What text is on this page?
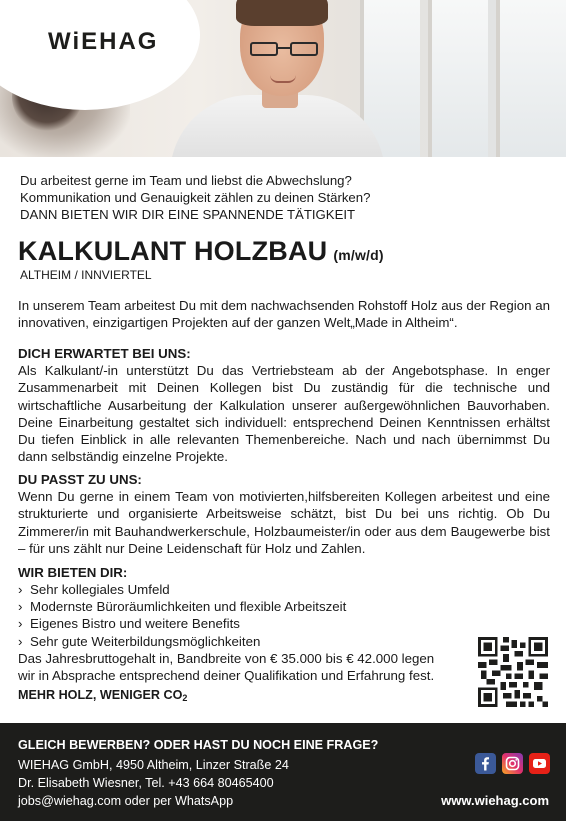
WiEHAG
Du arbeitest gerne im Team und liebst die Abwechslung?
Kommunikation und Genauigkeit zählen zu deinen Stärken?
DANN BIETEN WIR DIR EINE SPANNENDE TÄTIGKEIT
KALKULANT HOLZBAU (m/w/d)
ALTHEIM / INNVIERTEL

In unserem Team arbeitest Du mit dem nachwachsenden Rohstoff Holz aus der Region an innovativen, einzigartigen Projekten auf der ganzen Welt„Made in Altheim“.

DICH ERWARTET BEI UNS:

Als Kalkulant/-in unterstützt Du das Vertriebsteam ab der Angebotsphase. In enger Zusammenarbeit mit Deinen Kollegen bist Du zuständig für die technische und wirtschaftliche Ausarbeitung der Kalkulation unserer außergewöhnlichen Bauvorhaben. Deine Einarbeitung gestaltet sich individuell: entsprechend Deinen Kenntnissen erhältst Du tiefen Einblick in alle relevanten Themenbereiche. Nach und nach übernimmst Du dann selbständig einzelne Projekte.

DU PASST ZU UNS:

Wenn Du gerne in einem Team von motivierten,hilfsbereiten Kollegen arbeitest und eine strukturierte und organisierte Arbeitsweise schätzt, bist Du bei uns richtig. Ob Du Zimmerer/in mit Bauhandwerkerschule, Holzbaumeister/in oder aus dem Baugewerbe bist – für uns zählt nur Deine Leidenschaft für Holz und Zahlen.

WIR BIETEN DIR:
› Sehr kollegiales Umfeld
› Modernste Büroräumlichkeiten und flexible Arbeitszeit
› Eigenes Bistro und weitere Benefits
› Sehr gute Weiterbildungsmöglichkeiten
Das Jahresbruttogehalt in, Bandbreite von € 35.000 bis € 42.000 legen
wir in Absprache entsprechend deiner Qualifikation und Erfahrung fest.
MEHR HOLZ, WENIGER $CO_2$
GLEICH BEWERBEN? ODER HAST DU NOCH EINE FRAGE?
WIEHAG GmbH, 4950 Altheim, Linzer Straße 24
Dr. Elisabeth Wiesner, Tel. +43 664 80465400
jobs@wiehag.com oder per WhatsApp	www.wiehag.com
